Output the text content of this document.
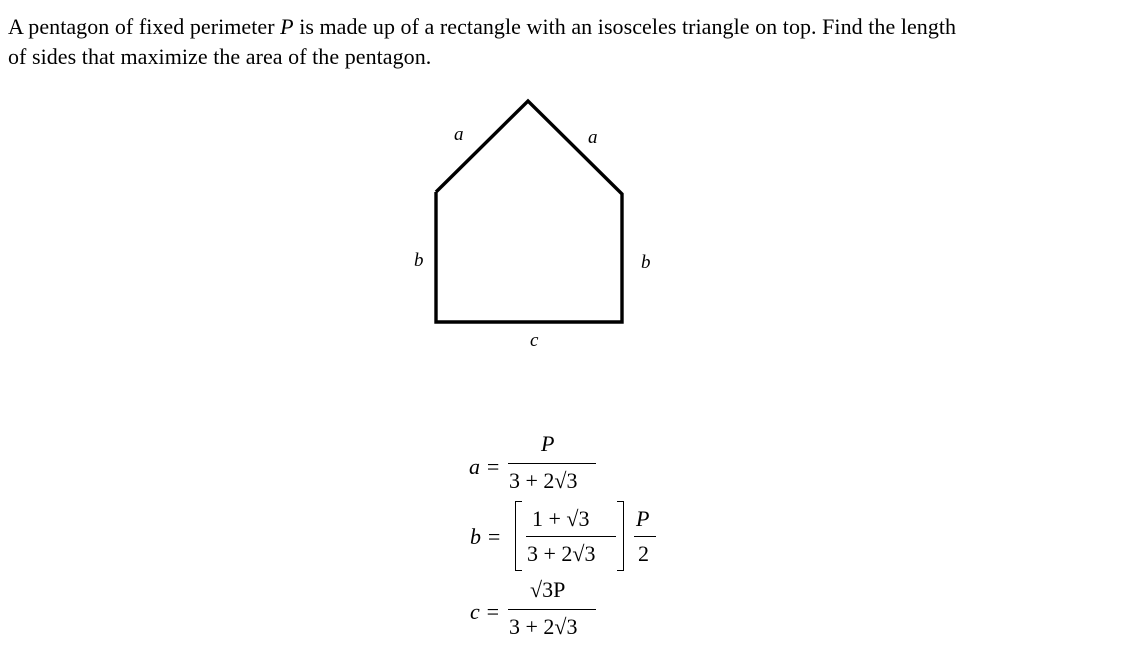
A pentagon of fixed perimeter P is made up of a rectangle with an isosceles triangle on top. Find the length
of sides that maximize the area of the pentagon.
a	a
b	b
c
a =
P
3 + 2√3
b =
1 + √3
3 + 2√3
P
2
c =
√3P
3 + 2√3
